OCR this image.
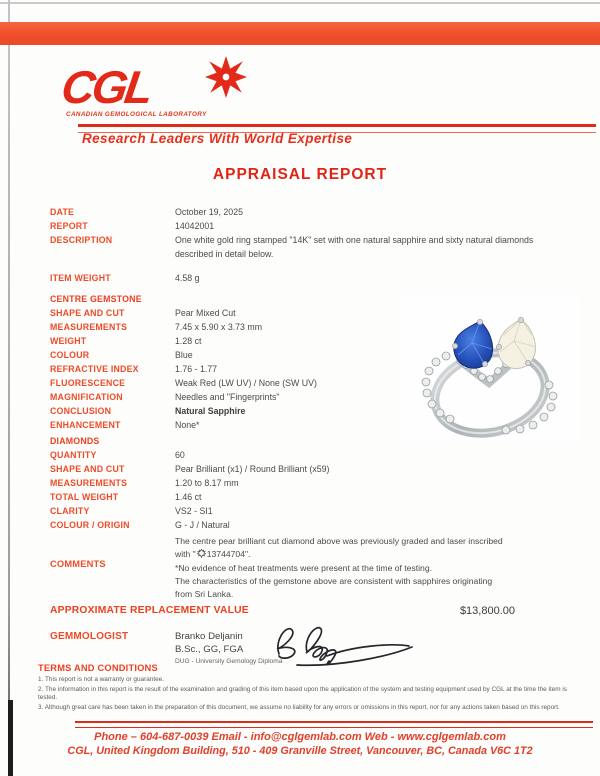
CGL
CANADIAN GEMOLOGICAL LABORATORY
Research Leaders With World Expertise
APPRAISAL REPORT
DATE	October 19, 2025
REPORT	14042001
DESCRIPTION	One white gold ring stamped "14K" set with one natural sapphire and sixty natural diamonds described in detail below.
ITEM WEIGHT	4.58 g
CENTRE GEMSTONE
SHAPE AND CUT	Pear Mixed Cut
MEASUREMENTS	7.45 x 5.90 x 3.73 mm
WEIGHT	1.28 ct
COLOUR	Blue
REFRACTIVE INDEX	1.76 - 1.77
FLUORESCENCE	Weak Red (LW UV) / None (SW UV)
MAGNIFICATION	Needles and "Fingerprints"
CONCLUSION	Natural Sapphire
ENHANCEMENT	None*
DIAMONDS
QUANTITY	60
SHAPE AND CUT	Pear Brilliant (x1) / Round Brilliant (x59)
MEASUREMENTS	1.20 to 8.17 mm
TOTAL WEIGHT	1.46 ct
CLARITY	VS2 - SI1
COLOUR / ORIGIN	G - J / Natural
COMMENTS
The centre pear brilliant cut diamond above was previously graded and laser inscribed
with " 13744704".
*No evidence of heat treatments were present at the time of testing.
The characteristics of the gemstone above are consistent with sapphires originating
from Sri Lanka.
APPROXIMATE REPLACEMENT VALUE	$13,800.00
GEMMOLOGIST	Branko Deljanin
B.Sc., GG, FGA
DUG - University Gemology Diploma
TERMS AND CONDITIONS
1. This report is not a warranty or guarantee.
2. The information in this report is the result of the examination and grading of this item based upon the application of the system and testing equipment used by CGL at the time the item is tested.
3. Although great care has been taken in the preparation of this document, we assume no liability for any errors or omissions in this report, nor for any actions taken based on this report.
Phone – 604-687-0039 Email - info@cglgemlab.com Web - www.cglgemlab.com
CGL, United Kingdom Building, 510 - 409 Granville Street, Vancouver, BC, Canada V6C 1T2
